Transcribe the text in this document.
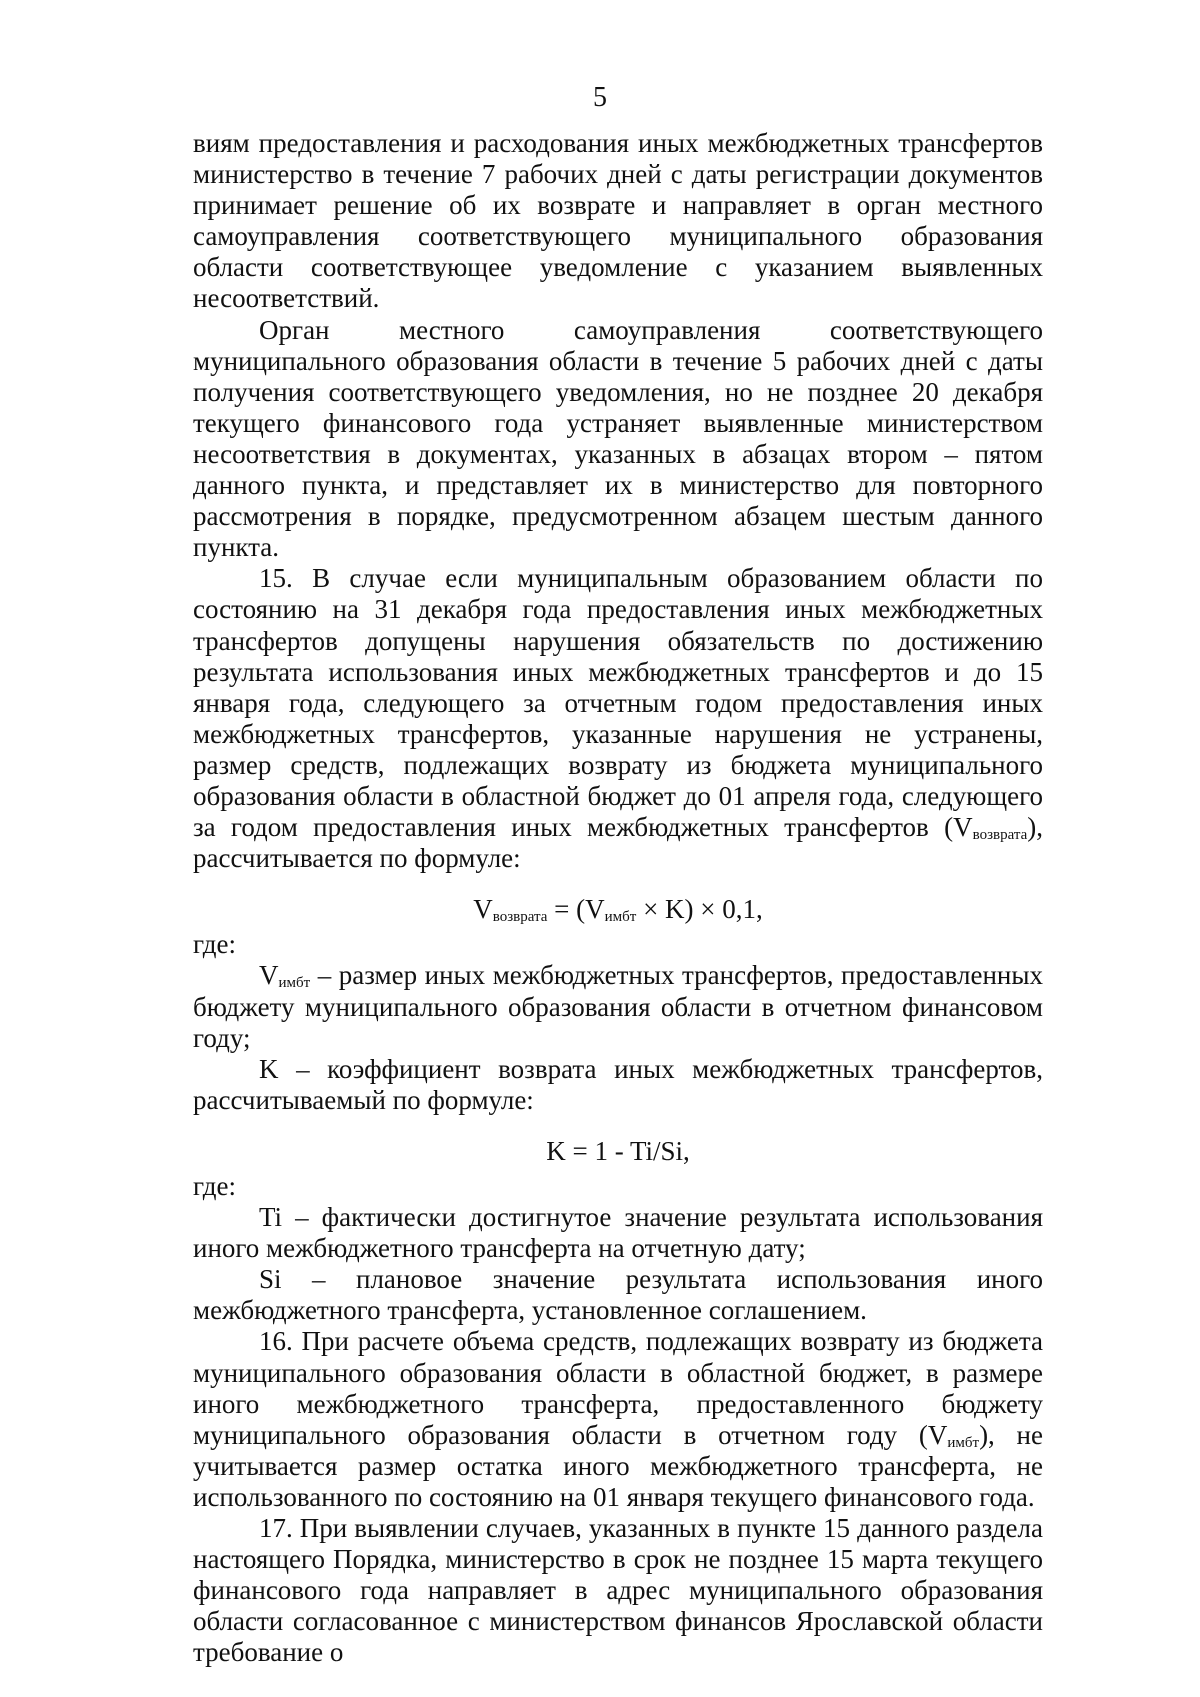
5

виям предоставления и расходования иных межбюджетных трансфертов министерство в течение 7 рабочих дней с даты регистрации документов принимает решение об их возврате и направляет в орган местного самоуправления соответствующего муниципального образования области соответствующее уведомление с указанием выявленных несоответствий.

Орган местного самоуправления соответствующего муниципального образования области в течение 5 рабочих дней с даты получения соответствующего уведомления, но не позднее 20 декабря текущего финансового года устраняет выявленные министерством несоответствия в документах, указанных в абзацах втором – пятом данного пункта, и представляет их в министерство для повторного рассмотрения в порядке, предусмотренном абзацем шестым данного пункта.

15. В случае если муниципальным образованием области по состоянию на 31 декабря года предоставления иных межбюджетных трансфертов допущены нарушения обязательств по достижению результата использования иных межбюджетных трансфертов и до 15 января года, следующего за отчетным годом предоставления иных межбюджетных трансфертов, указанные нарушения не устранены, размер средств, подлежащих возврату из бюджета муниципального образования области в областной бюджет до 01 апреля года, следующего за годом предоставления иных межбюджетных трансфертов $(V_{возврата})$, рассчитывается по формуле:

$V_{возврата} = (V_{имбт} \times K) \times 0,1$,

где:

$V_{имбт}$ – размер иных межбюджетных трансфертов, предоставленных бюджету муниципального образования области в отчетном финансовом году;

K – коэффициент возврата иных межбюджетных трансфертов, рассчитываемый по формуле:

K = 1 - Ti/Si,

где:

Ti – фактически достигнутое значение результата использования иного межбюджетного трансферта на отчетную дату;

Si – плановое значение результата использования иного межбюджетного трансферта, установленное соглашением.

16. При расчете объема средств, подлежащих возврату из бюджета муниципального образования области в областной бюджет, в размере иного межбюджетного трансферта, предоставленного бюджету муниципального образования области в отчетном году $(V_{имбт})$, не учитывается размер остатка иного межбюджетного трансферта, не использованного по состоянию на 01 января текущего финансового года.

17. При выявлении случаев, указанных в пункте 15 данного раздела настоящего Порядка, министерство в срок не позднее 15 марта текущего финансового года направляет в адрес муниципального образования области согласованное с министерством финансов Ярославской области требование о
